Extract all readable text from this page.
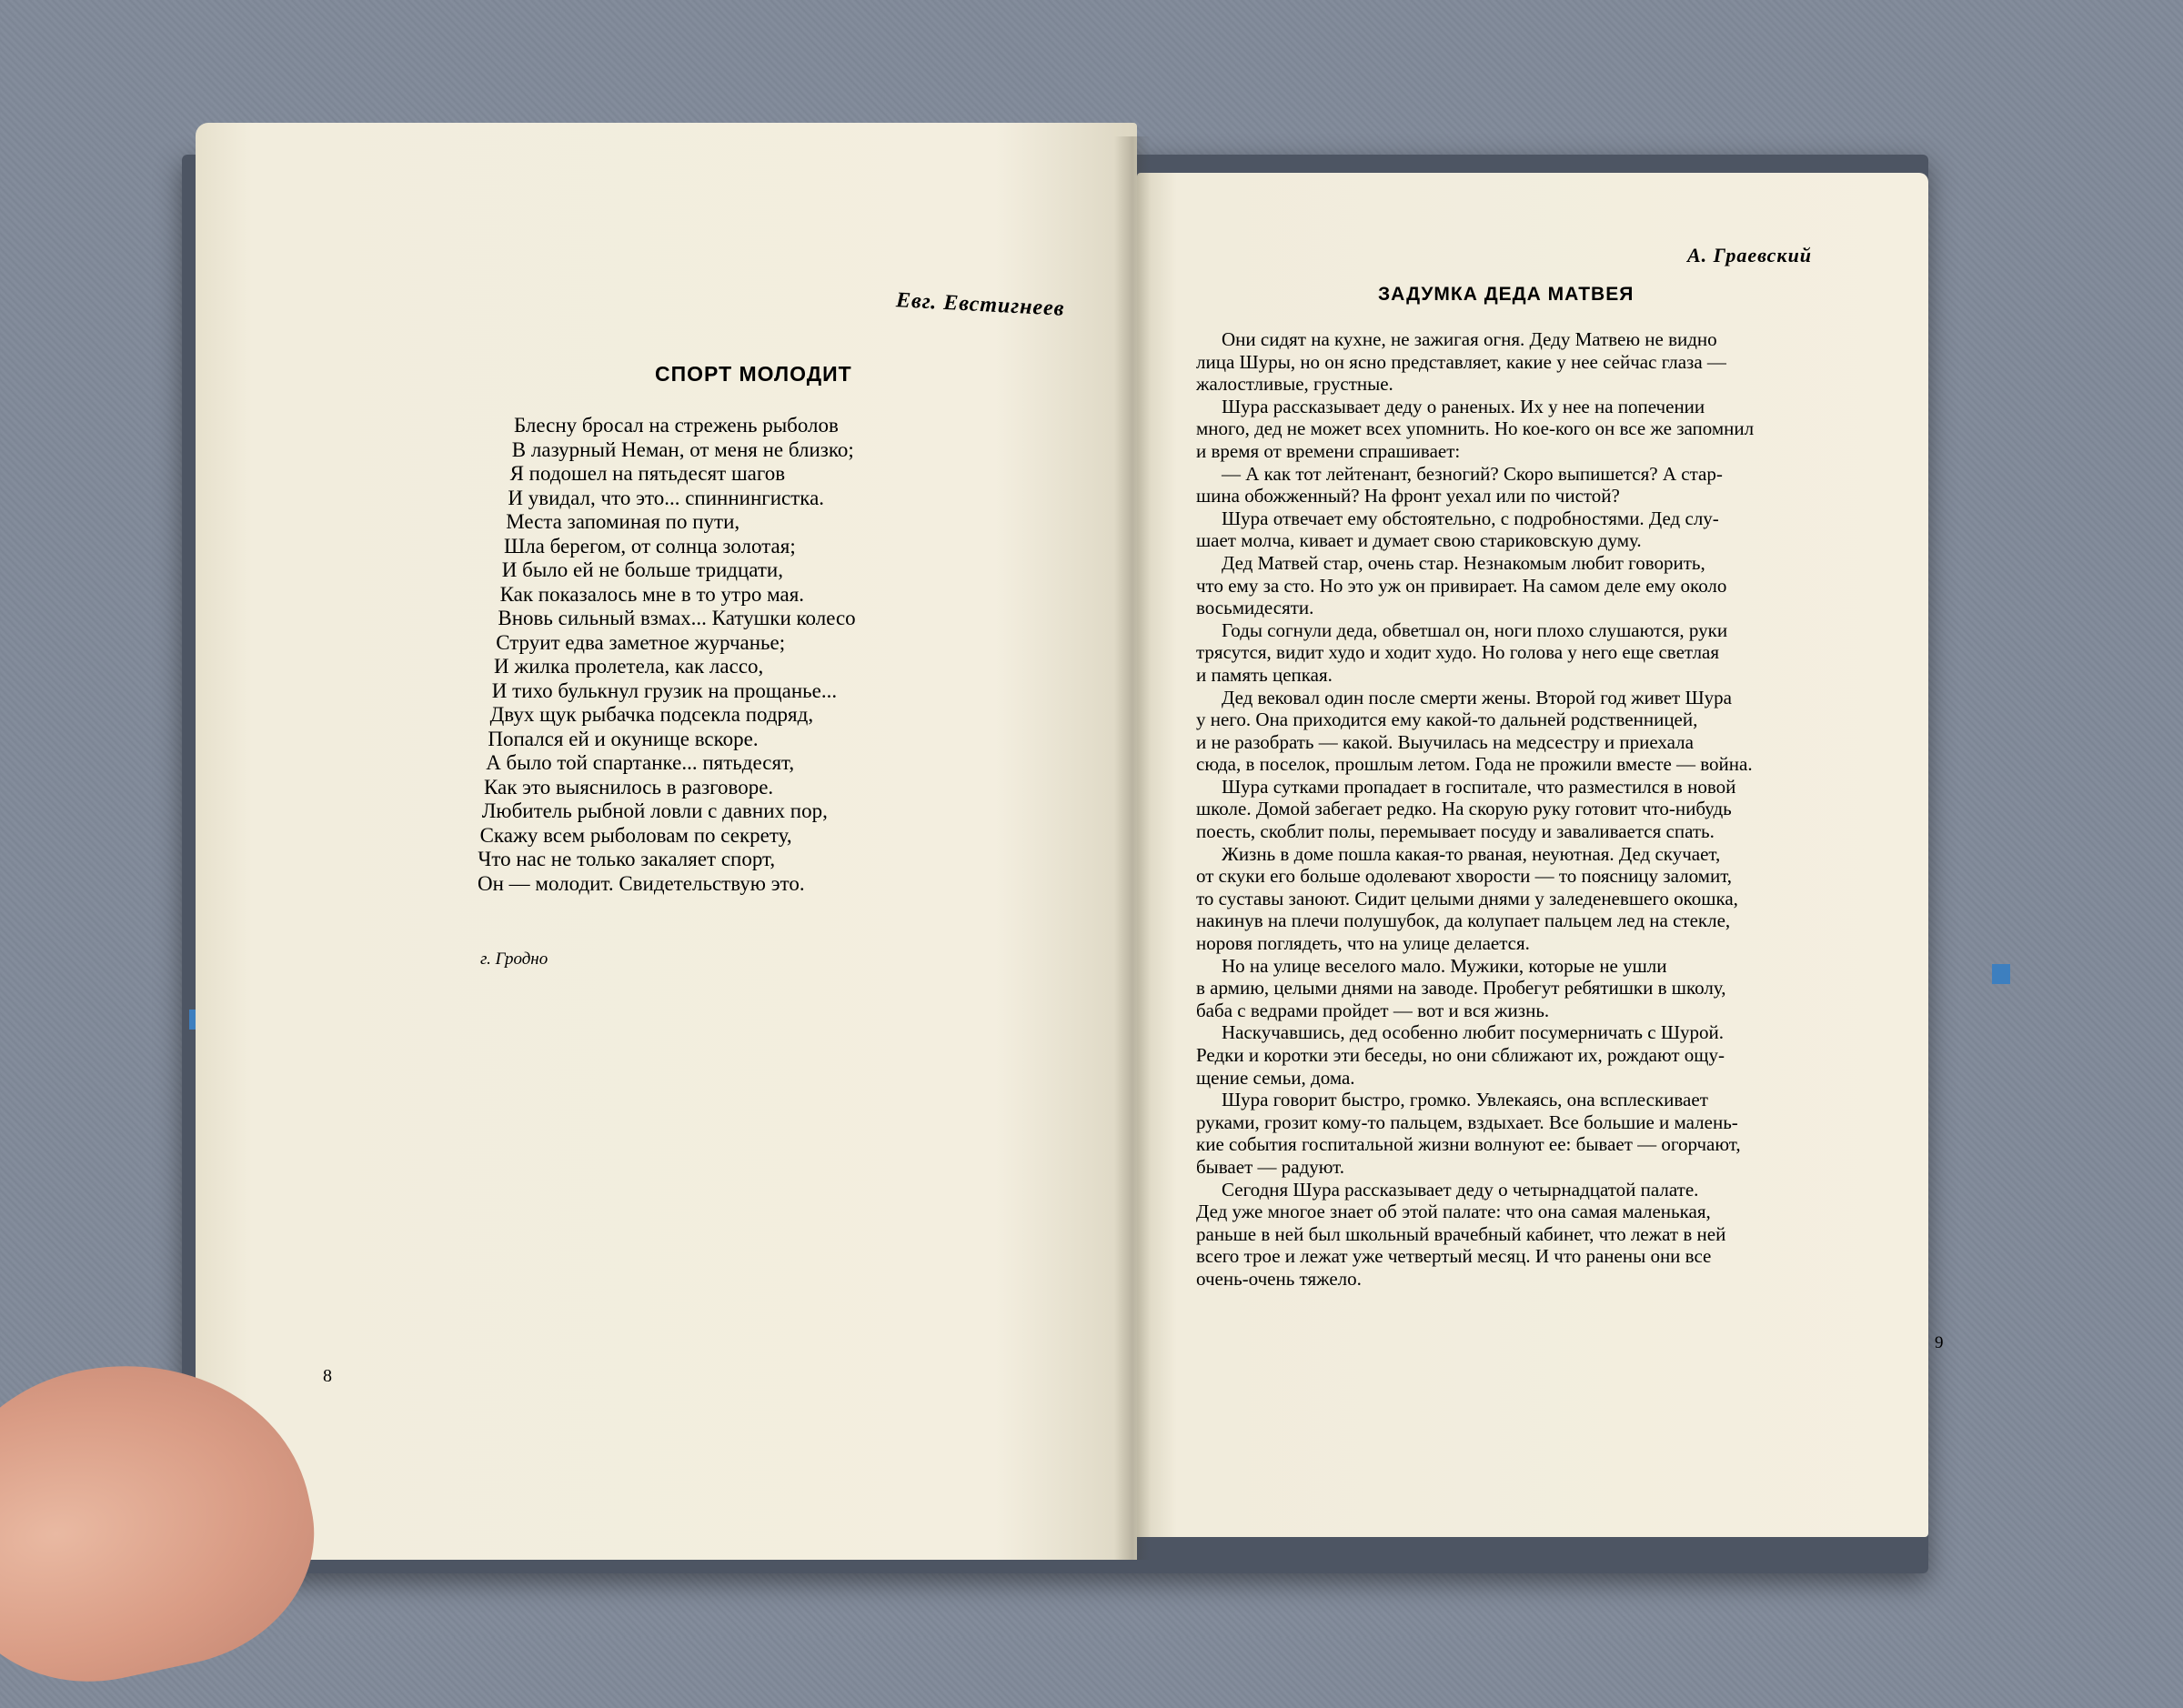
Евг. Евстигнеев
СПОРТ МОЛОДИТ
Блесну бросал на стрежень рыболов
В лазурный Неман, от меня не близко;
Я подошел на пятьдесят шагов
И увидал, что это... спиннингистка.
Места запоминая по пути,
Шла берегом, от солнца золотая;
И было ей не больше тридцати,
Как показалось мне в то утро мая.
Вновь сильный взмах... Катушки колесо
Струит едва заметное журчанье;
И жилка пролетела, как лассо,
И тихо булькнул грузик на прощанье...
Двух щук рыбачка подсекла подряд,
Попался ей и окунище вскоре.
А было той спартанке... пятьдесят,
Как это выяснилось в разговоре.
Любитель рыбной ловли с давних пор,
Скажу всем рыболовам по секрету,
Что нас не только закаляет спорт,
Он — молодит. Свидетельствую это.
г. Гродно
8
А. Граевский
ЗАДУМКА ДЕДА МАТВЕЯ
Они сидят на кухне, не зажигая огня. Деду Матвею не видно
лица Шуры, но он ясно представляет, какие у нее сейчас глаза —
жалостливые, грустные.
Шура рассказывает деду о раненых. Их у нее на попечении
много, дед не может всех упомнить. Но кое-кого он все же запомнил
и время от времени спрашивает:
— А как тот лейтенант, безногий? Скоро выпишется? А стар-
шина обожженный? На фронт уехал или по чистой?
Шура отвечает ему обстоятельно, с подробностями. Дед слу-
шает молча, кивает и думает свою стариковскую думу.
Дед Матвей стар, очень стар. Незнакомым любит говорить,
что ему за сто. Но это уж он привирает. На самом деле ему около
восьмидесяти.
Годы согнули деда, обветшал он, ноги плохо слушаются, руки
трясутся, видит худо и ходит худо. Но голова у него еще светлая
и память цепкая.
Дед вековал один после смерти жены. Второй год живет Шура
у него. Она приходится ему какой-то дальней родственницей,
и не разобрать — какой. Выучилась на медсестру и приехала
сюда, в поселок, прошлым летом. Года не прожили вместе — война.
Шура сутками пропадает в госпитале, что разместился в новой
школе. Домой забегает редко. На скорую руку готовит что-нибудь
поесть, скоблит полы, перемывает посуду и заваливается спать.
Жизнь в доме пошла какая-то рваная, неуютная. Дед скучает,
от скуки его больше одолевают хворости — то поясницу заломит,
то суставы заноют. Сидит целыми днями у заледеневшего окошка,
накинув на плечи полушубок, да колупает пальцем лед на стекле,
норовя поглядеть, что на улице делается.
Но на улице веселого мало. Мужики, которые не ушли
в армию, целыми днями на заводе. Пробегут ребятишки в школу,
баба с ведрами пройдет — вот и вся жизнь.
Наскучавшись, дед особенно любит посумерничать с Шурой.
Редки и коротки эти беседы, но они сближают их, рождают ощу-
щение семьи, дома.
Шура говорит быстро, громко. Увлекаясь, она всплескивает
руками, грозит кому-то пальцем, вздыхает. Все большие и малень-
кие события госпитальной жизни волнуют ее: бывает — огорчают,
бывает — радуют.
Сегодня Шура рассказывает деду о четырнадцатой палате.
Дед уже многое знает об этой палате: что она самая маленькая,
раньше в ней был школьный врачебный кабинет, что лежат в ней
всего трое и лежат уже четвертый месяц. И что ранены они все
очень-очень тяжело.
9
